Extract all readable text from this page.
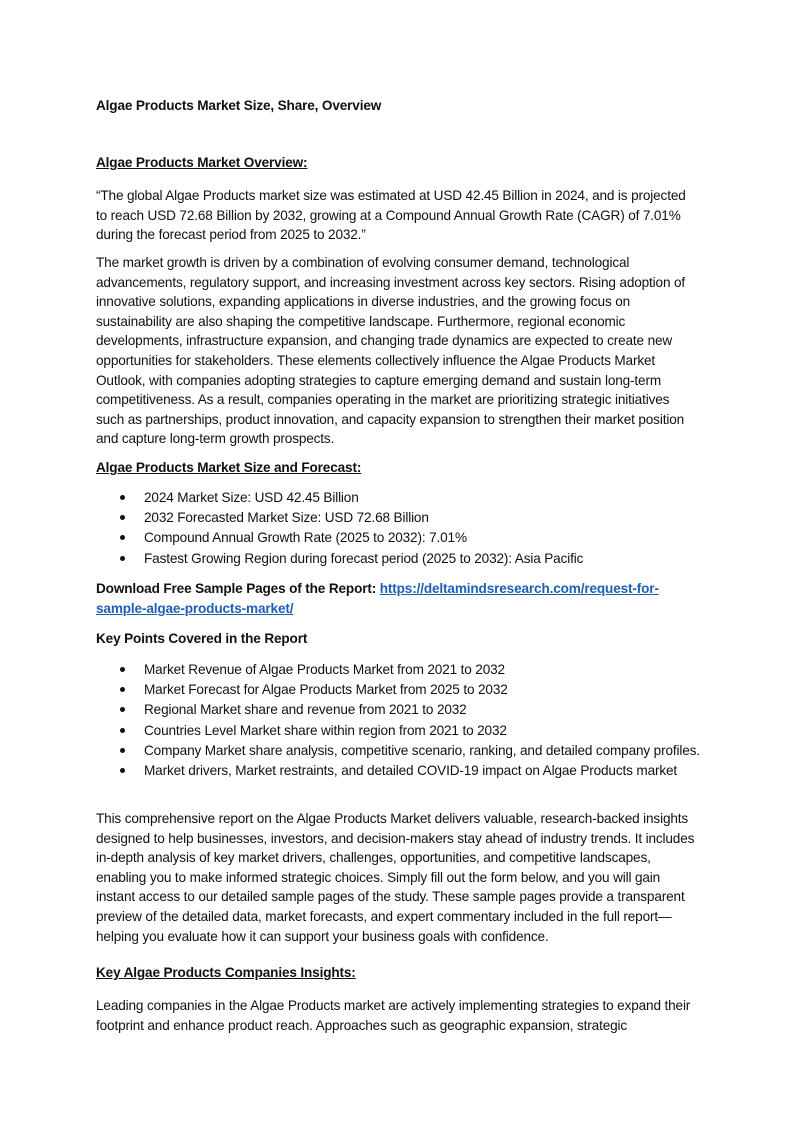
Algae Products Market Size, Share, Overview

Algae Products Market Overview:

“The global Algae Products market size was estimated at USD 42.45 Billion in 2024, and is projected to reach USD 72.68 Billion by 2032, growing at a Compound Annual Growth Rate (CAGR) of 7.01% during the forecast period from 2025 to 2032.”

The market growth is driven by a combination of evolving consumer demand, technological advancements, regulatory support, and increasing investment across key sectors. Rising adoption of innovative solutions, expanding applications in diverse industries, and the growing focus on sustainability are also shaping the competitive landscape. Furthermore, regional economic developments, infrastructure expansion, and changing trade dynamics are expected to create new opportunities for stakeholders. These elements collectively influence the Algae Products Market Outlook, with companies adopting strategies to capture emerging demand and sustain long-term competitiveness. As a result, companies operating in the market are prioritizing strategic initiatives such as partnerships, product innovation, and capacity expansion to strengthen their market position and capture long-term growth prospects.

Algae Products Market Size and Forecast:

2024 Market Size: USD 42.45 Billion
2032 Forecasted Market Size: USD 72.68 Billion
Compound Annual Growth Rate (2025 to 2032): 7.01%
Fastest Growing Region during forecast period (2025 to 2032): Asia Pacific

Download Free Sample Pages of the Report: https://deltamindsresearch.com/request-for-sample-algae-products-market/

Key Points Covered in the Report

Market Revenue of Algae Products Market from 2021 to 2032
Market Forecast for Algae Products Market from 2025 to 2032
Regional Market share and revenue from 2021 to 2032
Countries Level Market share within region from 2021 to 2032
Company Market share analysis, competitive scenario, ranking, and detailed company profiles.
Market drivers, Market restraints, and detailed COVID-19 impact on Algae Products market

This comprehensive report on the Algae Products Market delivers valuable, research-backed insights designed to help businesses, investors, and decision-makers stay ahead of industry trends. It includes in-depth analysis of key market drivers, challenges, opportunities, and competitive landscapes, enabling you to make informed strategic choices. Simply fill out the form below, and you will gain instant access to our detailed sample pages of the study. These sample pages provide a transparent preview of the detailed data, market forecasts, and expert commentary included in the full report—helping you evaluate how it can support your business goals with confidence.

Key Algae Products Companies Insights:

Leading companies in the Algae Products market are actively implementing strategies to expand their footprint and enhance product reach. Approaches such as geographic expansion, strategic
